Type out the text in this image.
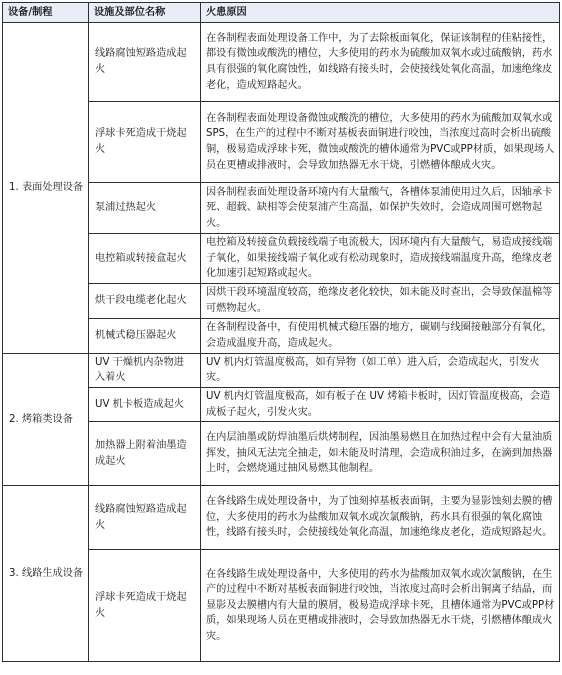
设备/制程	设施及部位名称	火患原因
1. 表面处理设备	线路腐蚀短路造成起火	在各制程表面处理设备工作中，为了去除板面氧化，保证该制程的佳粘接性，都设有微蚀或酸洗的槽位，大多使用的药水为硫酸加双氧水或过硫酸钠，药水具有很强的氧化腐蚀性，如线路有接头时，会使接线处氧化高温，加速绝缘皮老化，造成短路起火。
	浮球卡死造成干烧起火	在各制程表面处理设备微蚀或酸洗的槽位，大多使用的药水为硫酸加双氧水或SPS，在生产的过程中不断对基板表面铜进行咬蚀，当浓度过高时会析出硫酸铜，极易造成浮球卡死，微蚀或酸洗的槽体通常为PVC或PP材质，如果现场人员在更槽或排液时，会导致加热器无水干烧，引燃槽体酿成火灾。
	泵浦过热起火	因各制程表面处理设备环境内有大量酸气，各槽体泵浦使用过久后，因轴承卡死、超载、缺相等会使泵浦产生高温，如保护失效时，会造成周围可燃物起火。
	电控箱或转接盒起火	电控箱及转接盒负载接线端子电流极大，因环境内有大量酸气，易造成接线端子氧化，如果接线端子氧化或有松动现象时，造成接线端温度升高，绝缘皮老化加速引起短路或起火。
	烘干段电缆老化起火	因烘干段环境温度较高，绝缘皮老化较快，如未能及时查出，会导致保温棉等可燃物起火。
	机械式稳压器起火	在各制程设备中，有使用机械式稳压器的地方，碳刷与线圈接触部分有氧化，会造成温度升高，造成起火。
2. 烤箱类设备	UV 干燥机内杂物进入着火	UV 机内灯管温度极高，如有异物（如工单）进入后，会造成起火，引发火灾。
	UV 机卡板造成起火	UV 机内灯管温度极高，如有板子在 UV 烤箱卡板时，因灯管温度极高，会造成板子起火，引发火灾。
	加热器上附着油墨造成起火	在内层油墨或防焊油墨后烘烤制程，因油墨易燃且在加热过程中会有大量油质挥发，抽风无法完全抽走，如未能及时清理，会造成积油过多，在滴到加热器上时，会燃烧通过抽风易燃其他制程。
3. 线路生成设备	线路腐蚀短路造成起火	在各线路生成处理设备中，为了蚀刻掉基板表面铜，主要为显影蚀刻去膜的槽位，大多使用的药水为盐酸加双氧水或次氯酸钠，药水具有很强的氧化腐蚀性，线路有接头时，会使接线处氧化高温，加速绝缘皮老化，造成短路起火。
	浮球卡死造成干烧起火	在各线路生成处理设备中，大多使用的药水为盐酸加双氧水或次氯酸钠，在生产的过程中不断对基板表面铜进行咬蚀，当浓度过高时会析出铜离子结晶，而显影及去膜槽内有大量的膜屑，极易造成浮球卡死，且槽体通常为PVC或PP材质，如果现场人员在更槽或排液时，会导致加热器无水干烧，引燃槽体酿成火灾。
